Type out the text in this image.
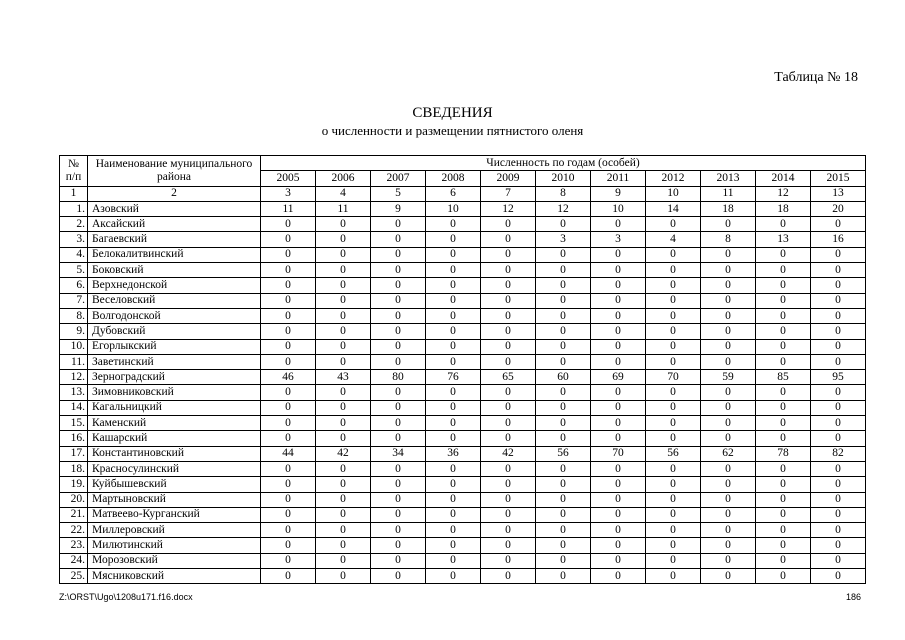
Таблица № 18
СВЕДЕНИЯ
о численности и размещении пятнистого оленя
№ п/п	Наименование муниципального района	Численность по годам (особей)										
		2005	2006	2007	2008	2009	2010	2011	2012	2013	2014	2015
1	2	3	4	5	6	7	8	9	10	11	12	13
1.	Азовский	11	11	9	10	12	12	10	14	18	18	20
2.	Аксайский	0	0	0	0	0	0	0	0	0	0	0
3.	Багаевский	0	0	0	0	0	3	3	4	8	13	16
4.	Белокалитвинский	0	0	0	0	0	0	0	0	0	0	0
5.	Боковский	0	0	0	0	0	0	0	0	0	0	0
6.	Верхнедонской	0	0	0	0	0	0	0	0	0	0	0
7.	Веселовский	0	0	0	0	0	0	0	0	0	0	0
8.	Волгодонской	0	0	0	0	0	0	0	0	0	0	0
9.	Дубовский	0	0	0	0	0	0	0	0	0	0	0
10.	Егорлыкский	0	0	0	0	0	0	0	0	0	0	0
11.	Заветинский	0	0	0	0	0	0	0	0	0	0	0
12.	Зерноградский	46	43	80	76	65	60	69	70	59	85	95
13.	Зимовниковский	0	0	0	0	0	0	0	0	0	0	0
14.	Кагальницкий	0	0	0	0	0	0	0	0	0	0	0
15.	Каменский	0	0	0	0	0	0	0	0	0	0	0
16.	Кашарский	0	0	0	0	0	0	0	0	0	0	0
17.	Константиновский	44	42	34	36	42	56	70	56	62	78	82
18.	Красносулинский	0	0	0	0	0	0	0	0	0	0	0
19.	Куйбышевский	0	0	0	0	0	0	0	0	0	0	0
20.	Мартыновский	0	0	0	0	0	0	0	0	0	0	0
21.	Матвеево-Курганский	0	0	0	0	0	0	0	0	0	0	0
22.	Миллеровский	0	0	0	0	0	0	0	0	0	0	0
23.	Милютинский	0	0	0	0	0	0	0	0	0	0	0
24.	Морозовский	0	0	0	0	0	0	0	0	0	0	0
25.	Мясниковский	0	0	0	0	0	0	0	0	0	0	0
Z:\ORST\Ugo\1208u171.f16.docx	186
